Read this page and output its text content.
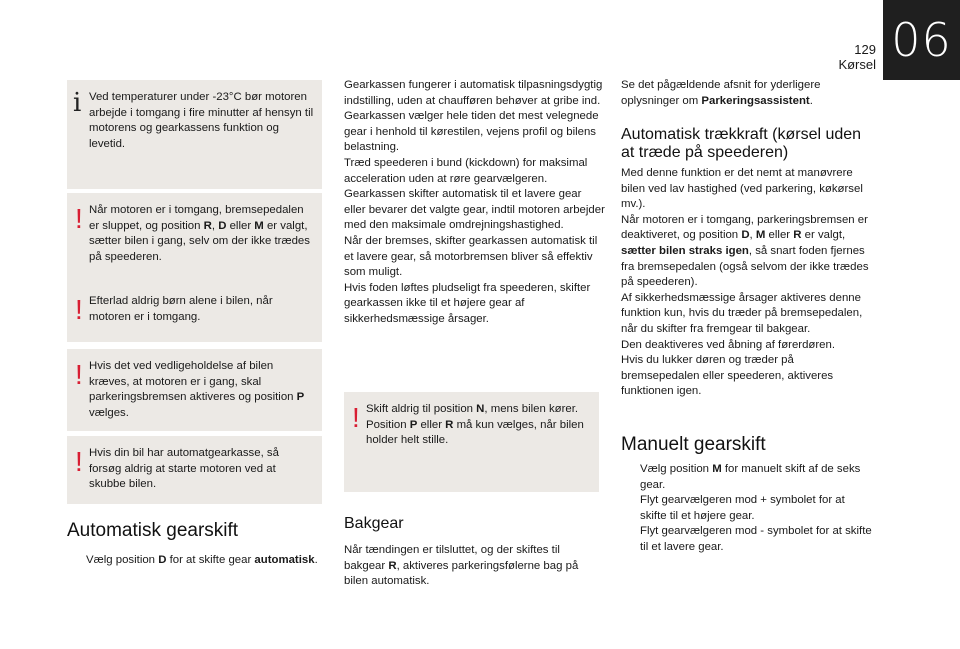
06
129
Kørsel
i Ved temperaturer under -23°C bør motoren arbejde i tomgang i fire minutter af hensyn til motorens og gearkassens funktion og levetid.
! Når motoren er i tomgang, bremsepedalen er sluppet, og position R, D eller M er valgt, sætter bilen i gang, selv om der ikke trædes på speederen.
! Efterlad aldrig børn alene i bilen, når motoren er i tomgang.
! Hvis det ved vedligeholdelse af bilen kræves, at motoren er i gang, skal parkeringsbremsen aktiveres og position P vælges.
! Hvis din bil har automatgearkasse, så forsøg aldrig at starte motoren ved at skubbe bilen.
Automatisk gearskift
Vælg position D for at skifte gear automatisk.
Gearkassen fungerer i automatisk tilpasningsdygtig indstilling, uden at chaufføren behøver at gribe ind. Gearkassen vælger hele tiden det mest velegnede gear i henhold til kørestilen, vejens profil og bilens belastning.
Træd speederen i bund (kickdown) for maksimal acceleration uden at røre gearvælgeren. Gearkassen skifter automatisk til et lavere gear eller bevarer det valgte gear, indtil motoren arbejder med den maksimale omdrejningshastighed.
Når der bremses, skifter gearkassen automatisk til et lavere gear, så motorbremsen bliver så effektiv som muligt.
Hvis foden løftes pludseligt fra speederen, skifter gearkassen ikke til et højere gear af sikkerhedsmæssige årsager.
! Skift aldrig til position N, mens bilen kører.
Position P eller R må kun vælges, når bilen holder helt stille.
Bakgear
Når tændingen er tilsluttet, og der skiftes til bakgear R, aktiveres parkeringsfølerne bag på bilen automatisk.
Se det pågældende afsnit for yderligere oplysninger om Parkeringsassistent.
Automatisk trækkraft (kørsel uden at træde på speederen)
Med denne funktion er det nemt at manøvrere bilen ved lav hastighed (ved parkering, køkørsel mv.).
Når motoren er i tomgang, parkeringsbremsen er deaktiveret, og position D, M eller R er valgt, sætter bilen straks igen, så snart foden fjernes fra bremsepedalen (også selvom der ikke trædes på speederen).
Af sikkerhedsmæssige årsager aktiveres denne funktion kun, hvis du træder på bremsepedalen, når du skifter fra fremgear til bakgear.
Den deaktiveres ved åbning af førerdøren.
Hvis du lukker døren og træder på bremsepedalen eller speederen, aktiveres funktionen igen.
Manuelt gearskift
Vælg position M for manuelt skift af de seks gear.
Flyt gearvælgeren mod + symbolet for at skifte til et højere gear.
Flyt gearvælgeren mod - symbolet for at skifte til et lavere gear.
